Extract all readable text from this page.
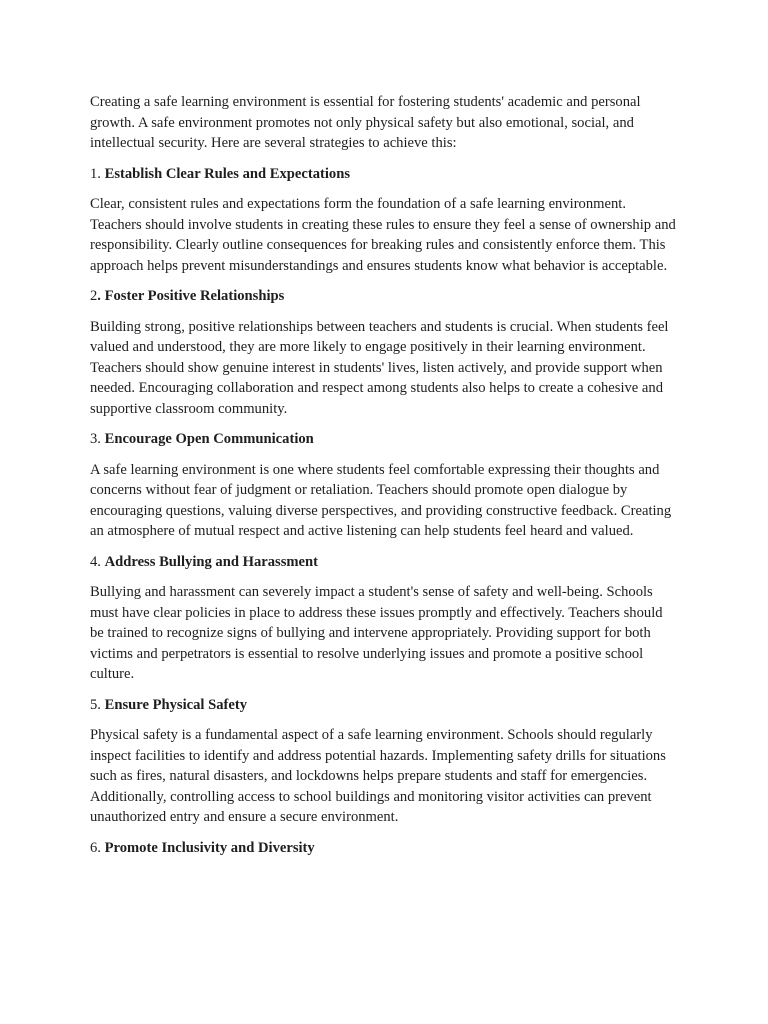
Creating a safe learning environment is essential for fostering students' academic and personal growth. A safe environment promotes not only physical safety but also emotional, social, and intellectual security. Here are several strategies to achieve this:

1. Establish Clear Rules and Expectations

Clear, consistent rules and expectations form the foundation of a safe learning environment. Teachers should involve students in creating these rules to ensure they feel a sense of ownership and responsibility. Clearly outline consequences for breaking rules and consistently enforce them. This approach helps prevent misunderstandings and ensures students know what behavior is acceptable.

2. Foster Positive Relationships

Building strong, positive relationships between teachers and students is crucial. When students feel valued and understood, they are more likely to engage positively in their learning environment. Teachers should show genuine interest in students' lives, listen actively, and provide support when needed. Encouraging collaboration and respect among students also helps to create a cohesive and supportive classroom community.

3. Encourage Open Communication

A safe learning environment is one where students feel comfortable expressing their thoughts and concerns without fear of judgment or retaliation. Teachers should promote open dialogue by encouraging questions, valuing diverse perspectives, and providing constructive feedback. Creating an atmosphere of mutual respect and active listening can help students feel heard and valued.

4. Address Bullying and Harassment

Bullying and harassment can severely impact a student's sense of safety and well-being. Schools must have clear policies in place to address these issues promptly and effectively. Teachers should be trained to recognize signs of bullying and intervene appropriately. Providing support for both victims and perpetrators is essential to resolve underlying issues and promote a positive school culture.

5. Ensure Physical Safety

Physical safety is a fundamental aspect of a safe learning environment. Schools should regularly inspect facilities to identify and address potential hazards. Implementing safety drills for situations such as fires, natural disasters, and lockdowns helps prepare students and staff for emergencies. Additionally, controlling access to school buildings and monitoring visitor activities can prevent unauthorized entry and ensure a secure environment.

6. Promote Inclusivity and Diversity
